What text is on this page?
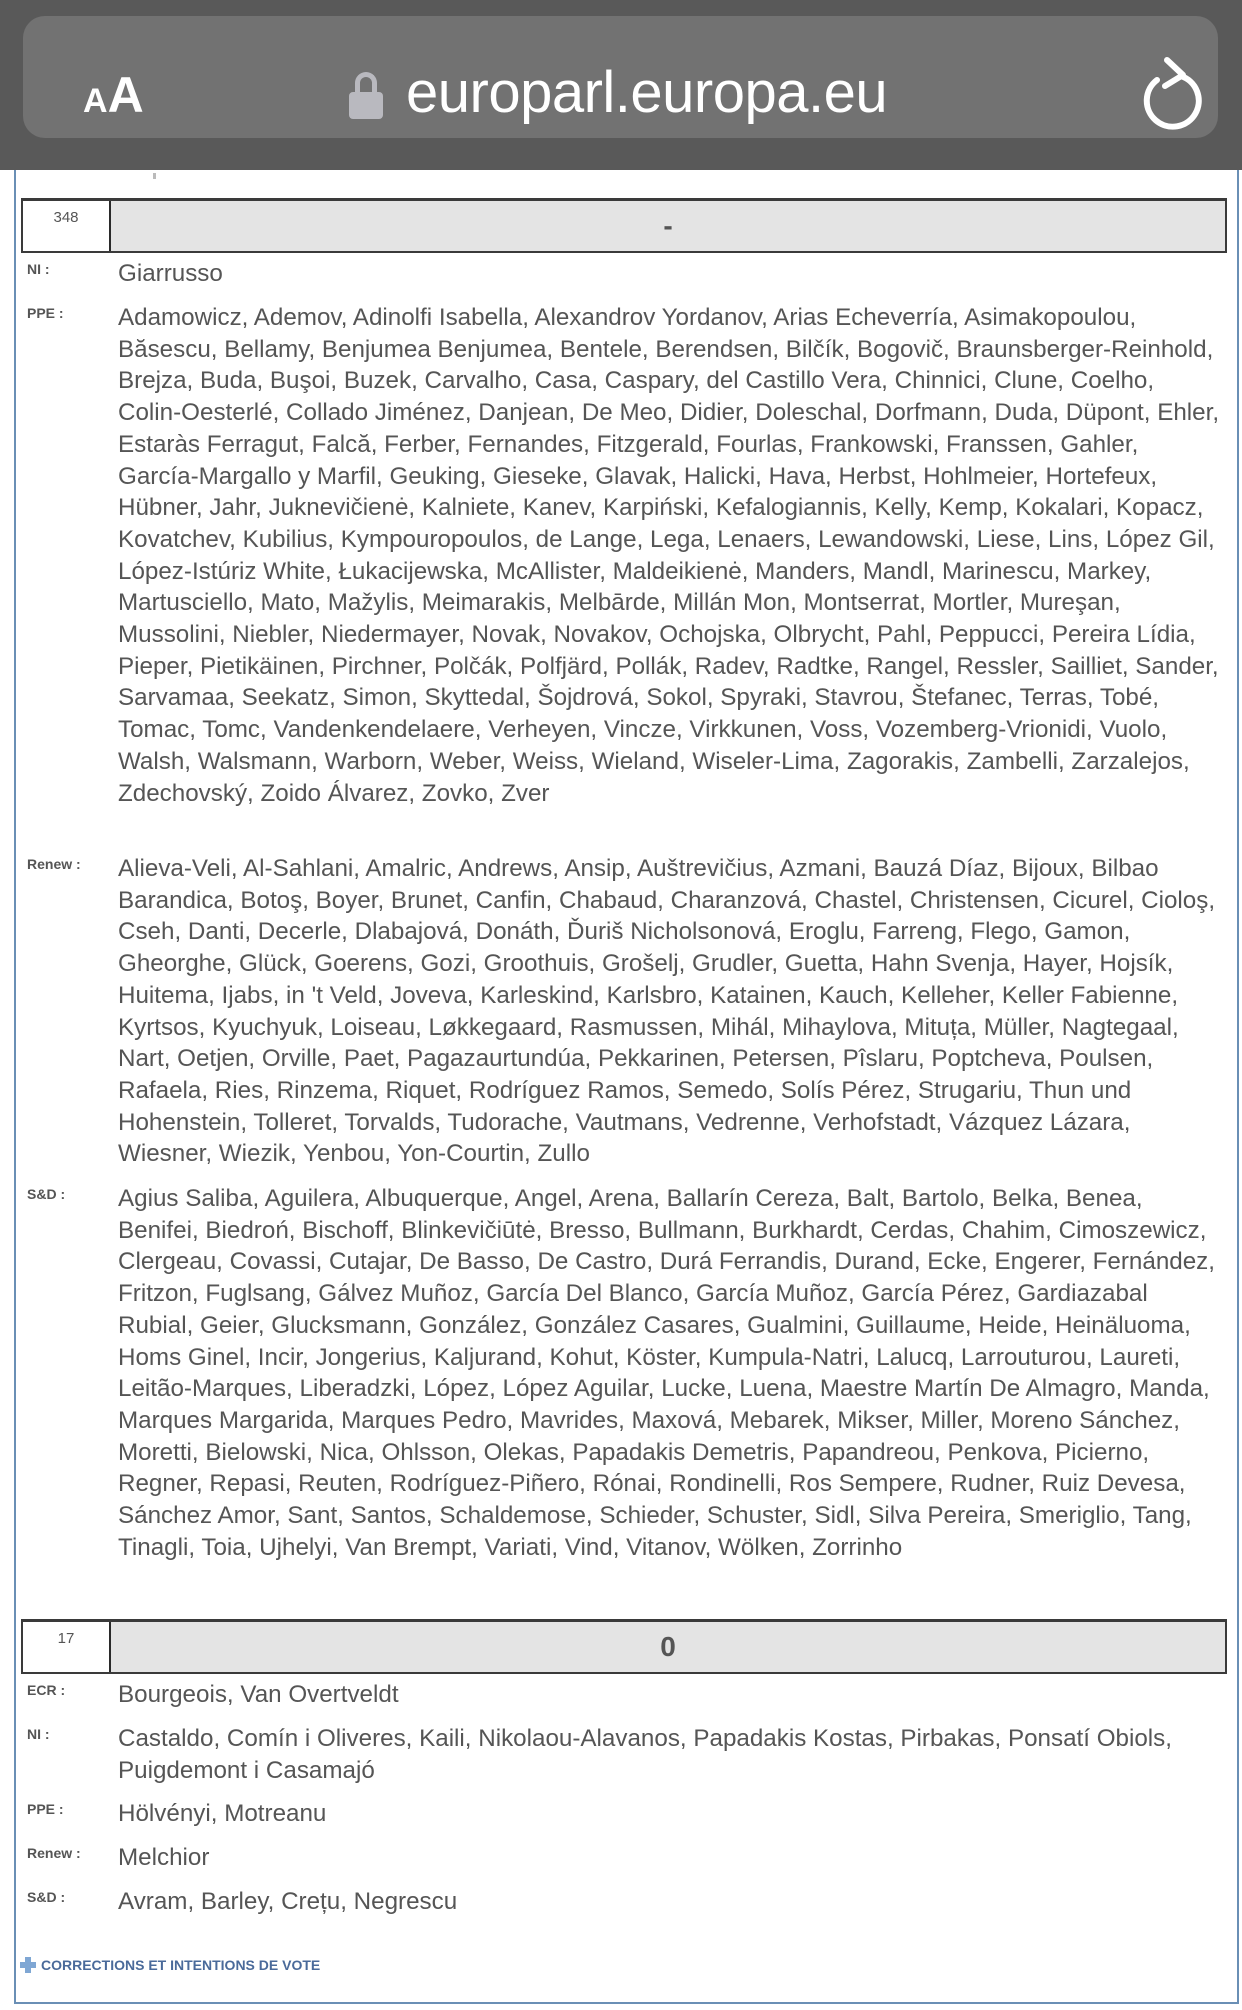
AA	europarl.europa.eu
348	-
NI :	Giarrusso
PPE : Adamowicz, Ademov, Adinolfi Isabella, Alexandrov Yordanov, Arias Echeverría, Asimakopoulou, Băsescu, Bellamy, Benjumea Benjumea, Bentele, Berendsen, Bilčík, Bogovič, Braunsberger-Reinhold, Brejza, Buda, Buşoi, Buzek, Carvalho, Casa, Caspary, del Castillo Vera, Chinnici, Clune, Coelho, Colin-Oesterlé, Collado Jiménez, Danjean, De Meo, Didier, Doleschal, Dorfmann, Duda, Düpont, Ehler, Estaràs Ferragut, Falcă, Ferber, Fernandes, Fitzgerald, Fourlas, Frankowski, Franssen, Gahler, García-Margallo y Marfil, Geuking, Gieseke, Glavak, Halicki, Hava, Herbst, Hohlmeier, Hortefeux, Hübner, Jahr, Juknevičienė, Kalniete, Kanev, Karpiński, Kefalogiannis, Kelly, Kemp, Kokalari, Kopacz, Kovatchev, Kubilius, Kympouropoulos, de Lange, Lega, Lenaers, Lewandowski, Liese, Lins, López Gil, López-Istúriz White, Łukacijewska, McAllister, Maldeikienė, Manders, Mandl, Marinescu, Markey, Martusciello, Mato, Mažylis, Meimarakis, Melbārde, Millán Mon, Montserrat, Mortler, Mureşan, Mussolini, Niebler, Niedermayer, Novak, Novakov, Ochojska, Olbrycht, Pahl, Peppucci, Pereira Lídia, Pieper, Pietikäinen, Pirchner, Polčák, Polfjärd, Pollák, Radev, Radtke, Rangel, Ressler, Sailliet, Sander, Sarvamaa, Seekatz, Simon, Skyttedal, Šojdrová, Sokol, Spyraki, Stavrou, Štefanec, Terras, Tobé, Tomac, Tomc, Vandenkendelaere, Verheyen, Vincze, Virkkunen, Voss, Vozemberg-Vrionidi, Vuolo, Walsh, Walsmann, Warborn, Weber, Weiss, Wieland, Wiseler-Lima, Zagorakis, Zambelli, Zarzalejos, Zdechovský, Zoido Álvarez, Zovko, Zver
Renew : Alieva-Veli, Al-Sahlani, Amalric, Andrews, Ansip, Auštrevičius, Azmani, Bauzá Díaz, Bijoux, Bilbao Barandica, Botoş, Boyer, Brunet, Canfin, Chabaud, Charanzová, Chastel, Christensen, Cicurel, Cioloş, Cseh, Danti, Decerle, Dlabajová, Donáth, Ďuriš Nicholsonová, Eroglu, Farreng, Flego, Gamon, Gheorghe, Glück, Goerens, Gozi, Groothuis, Grošelj, Grudler, Guetta, Hahn Svenja, Hayer, Hojsík, Huitema, Ijabs, in 't Veld, Joveva, Karleskind, Karlsbro, Katainen, Kauch, Kelleher, Keller Fabienne, Kyrtsos, Kyuchyuk, Loiseau, Løkkegaard, Rasmussen, Mihál, Mihaylova, Mituța, Müller, Nagtegaal, Nart, Oetjen, Orville, Paet, Pagazaurtundúa, Pekkarinen, Petersen, Pîslaru, Poptcheva, Poulsen, Rafaela, Ries, Rinzema, Riquet, Rodríguez Ramos, Semedo, Solís Pérez, Strugariu, Thun und Hohenstein, Tolleret, Torvalds, Tudorache, Vautmans, Vedrenne, Verhofstadt, Vázquez Lázara, Wiesner, Wiezik, Yenbou, Yon-Courtin, Zullo
S&D : Agius Saliba, Aguilera, Albuquerque, Angel, Arena, Ballarín Cereza, Balt, Bartolo, Belka, Benea, Benifei, Biedroń, Bischoff, Blinkevičiūtė, Bresso, Bullmann, Burkhardt, Cerdas, Chahim, Cimoszewicz, Clergeau, Covassi, Cutajar, De Basso, De Castro, Durá Ferrandis, Durand, Ecke, Engerer, Fernández, Fritzon, Fuglsang, Gálvez Muñoz, García Del Blanco, García Muñoz, García Pérez, Gardiazabal Rubial, Geier, Glucksmann, González, González Casares, Gualmini, Guillaume, Heide, Heinäluoma, Homs Ginel, Incir, Jongerius, Kaljurand, Kohut, Köster, Kumpula-Natri, Lalucq, Larrouturou, Laureti, Leitão-Marques, Liberadzki, López, López Aguilar, Lucke, Luena, Maestre Martín De Almagro, Manda, Marques Margarida, Marques Pedro, Mavrides, Maxová, Mebarek, Mikser, Miller, Moreno Sánchez, Moretti, Bielowski, Nica, Ohlsson, Olekas, Papadakis Demetris, Papandreou, Penkova, Picierno, Regner, Repasi, Reuten, Rodríguez-Piñero, Rónai, Rondinelli, Ros Sempere, Rudner, Ruiz Devesa, Sánchez Amor, Sant, Santos, Schaldemose, Schieder, Schuster, Sidl, Silva Pereira, Smeriglio, Tang, Tinagli, Toia, Ujhelyi, Van Brempt, Variati, Vind, Vitanov, Wölken, Zorrinho
17	0
ECR : Bourgeois, Van Overtveldt
NI :	Castaldo, Comín i Oliveres, Kaili, Nikolaou-Alavanos, Papadakis Kostas, Pirbakas, Ponsatí Obiols, Puigdemont i Casamajó
PPE : Hölvényi, Motreanu
Renew : Melchior
S&D : Avram, Barley, Crețu, Negrescu
CORRECTIONS ET INTENTIONS DE VOTE
